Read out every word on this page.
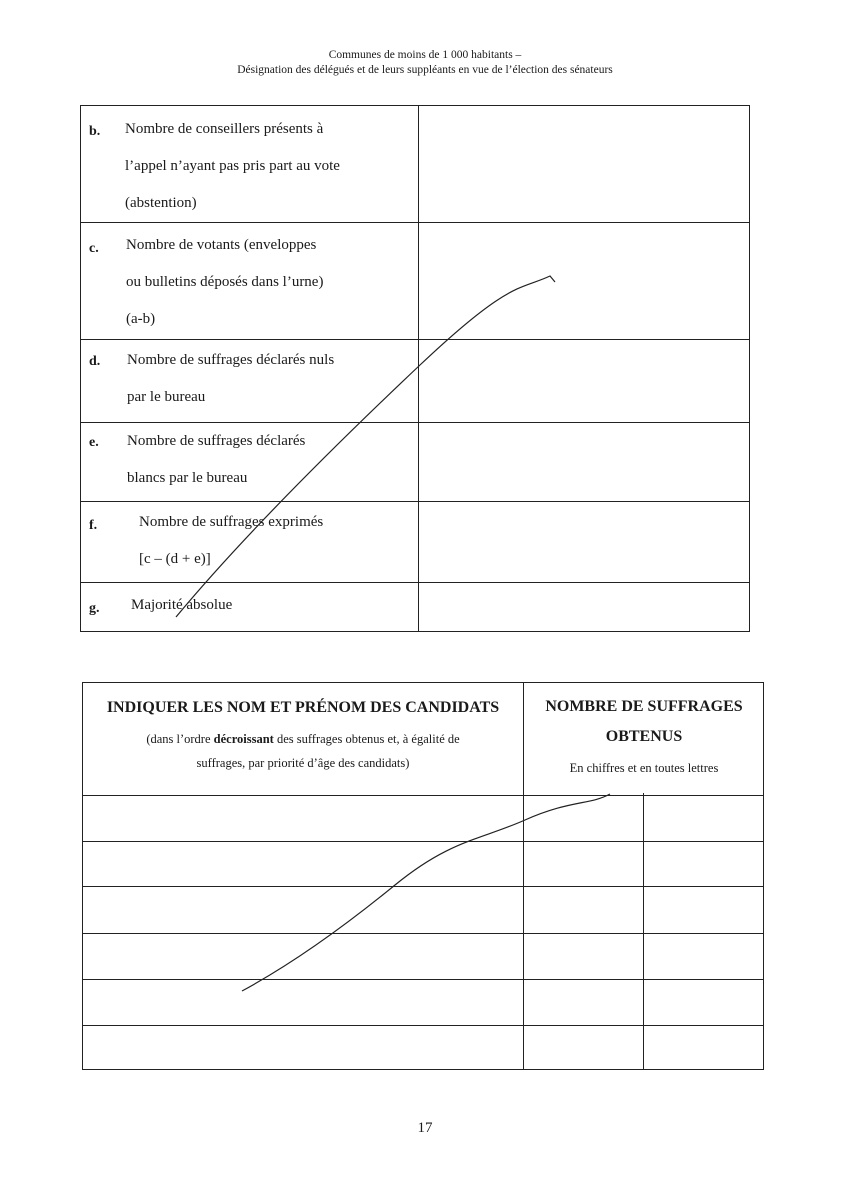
Communes de moins de 1 000 habitants –
Désignation des délégués et de leurs suppléants en vue de l’élection des sénateurs
b. Nombre de conseillers présents à
l’appel n’ayant pas pris part au vote
(abstention)
c. Nombre de votants (enveloppes
ou bulletins déposés dans l’urne)
(a-b)
d. Nombre de suffrages déclarés nuls
par le bureau
e. Nombre de suffrages déclarés
blancs par le bureau
f.	Nombre de suffrages exprimés
[c – (d + e)]
g. Majorité absolue
INDIQUER LES NOM ET PRÉNOM DES CANDIDATS
(dans l’ordre décroissant des suffrages obtenus et, à égalité de
suffrages, par priorité d’âge des candidats)
NOMBRE DE SUFFRAGES
OBTENUS
En chiffres et en toutes lettres
17
